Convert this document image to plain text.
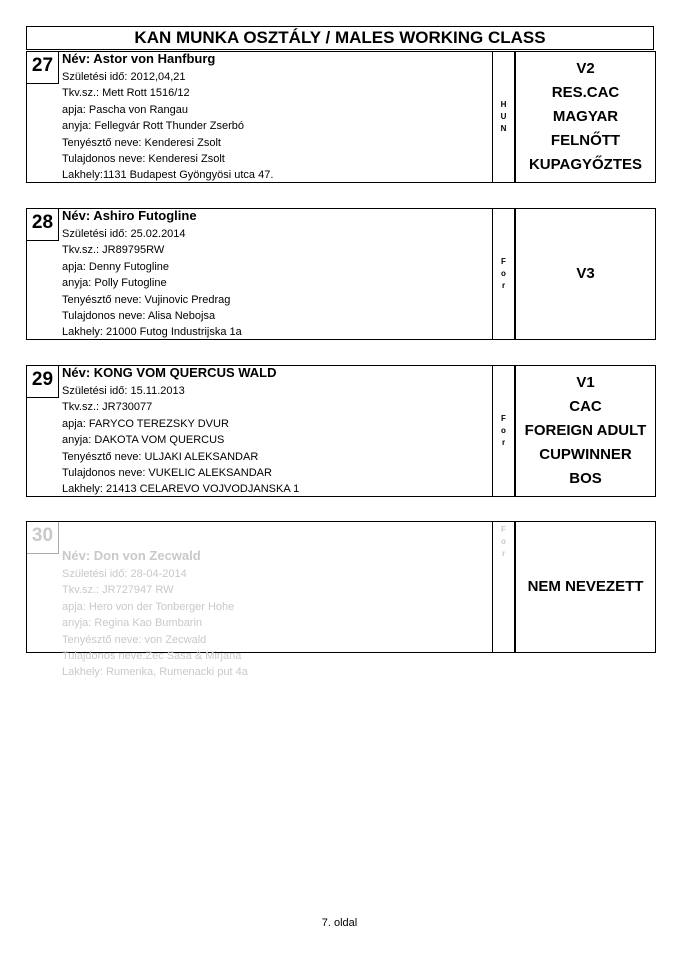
KAN MUNKA OSZTÁLY / MALES WORKING CLASS
27 Név: Astor von Hanfburg
Születési idő: 2012,04,21
Tkv.sz.: Mett Rott 1516/12
apja: Pascha von Rangau
anyja: Fellegvár Rott Thunder Zserbó
Tenyésztő neve: Kenderesi Zsolt
Tulajdonos neve: Kenderesi Zsolt
Lakhely:1131 Budapest Gyöngyösi utca 47.
H
U
N
V2
RES.CAC
MAGYAR
FELNŐTT
KUPAGYŐZTES
28 Név: Ashiro Futogline
Születési idő: 25.02.2014
Tkv.sz.: JR89795RW
apja: Denny Futogline
anyja: Polly Futogline
Tenyésztő neve: Vujinovic Predrag
Tulajdonos neve: Alisa Nebojsa
Lakhely: 21000 Futog Industrijska 1a
F
o
r
V3
29 Név: KONG VOM QUERCUS WALD
Születési idő: 15.11.2013
Tkv.sz.: JR730077
apja: FARYCO TEREZSKY DVUR
anyja: DAKOTA VOM QUERCUS
Tenyésztő neve: ULJAKI ALEKSANDAR
Tulajdonos neve: VUKELIC ALEKSANDAR
Lakhely: 21413 CELAREVO VOJVODJANSKA 1
F
o
r
V1
CAC
FOREIGN ADULT
CUPWINNER
BOS
30
Név: Don von Zecwald
Születési idő: 28-04-2014
Tkv.sz.: JR727947 RW
apja: Hero von der Tonberger Hohe
anyja: Regina Kao Bumbarin
Tenyésztő neve: von Zecwald
Tulajdonos neve:Zec Sasa & Mirjana
Lakhely: Rumenka, Rumenacki put 4a
F
o
r
NEM NEVEZETT
7. oldal
